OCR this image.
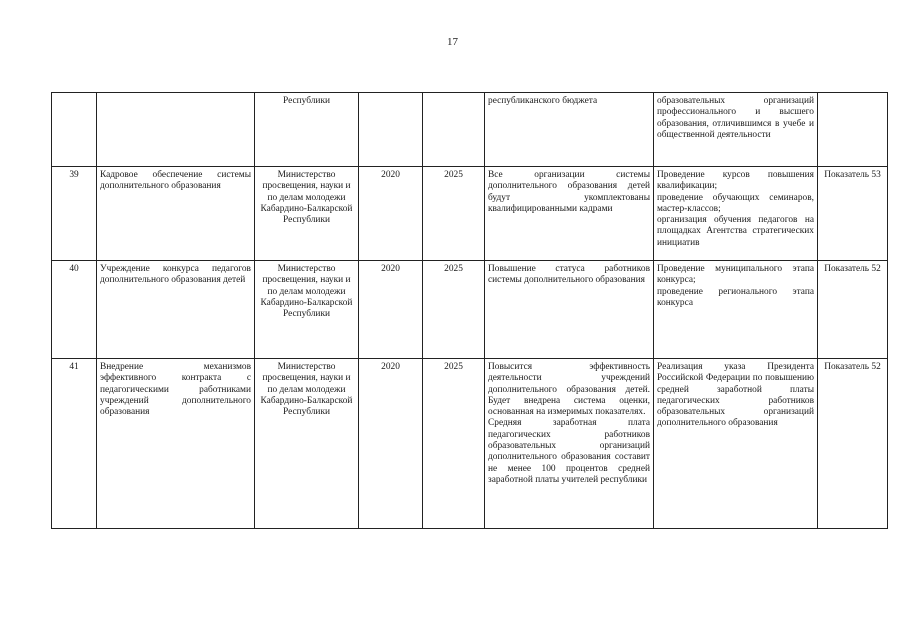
17
		Республики			республиканского бюджета	образовательных организаций профессионального и высшего образования, отличившимся в учебе и общественной деятельности	
39	Кадровое обеспечение системы дополнительного образования	Министерство просвещения, науки и по делам молодежи Кабардино-Балкарской Республики	2020	2025	Все организации системы дополнительного образования детей будут укомплектованы квалифицированными кадрами	Проведение курсов повышения квалификации;
проведение обучающих семинаров, мастер-классов;
организация обучения педагогов на площадках Агентства стратегических инициатив	Показатель 53
40	Учреждение конкурса педагогов дополнительного образования детей	Министерство просвещения, науки и по делам молодежи Кабардино-Балкарской Республики	2020	2025	Повышение статуса работников системы дополнительного образования	Проведение муниципального этапа конкурса;
проведение регионального этапа конкурса	Показатель 52
41	Внедрение механизмов эффективного контракта с педагогическими работниками учреждений дополнительного образования	Министерство просвещения, науки и по делам молодежи Кабардино-Балкарской Республики	2020	2025	Повысится эффективность деятельности учреждений дополнительного образования детей. Будет внедрена система оценки, основанная на измеримых показателях.
Средняя заработная плата педагогических работников образовательных организаций дополнительного образования составит не менее 100 процентов средней заработной платы учителей республики	Реализация указа Президента Российской Федерации по повышению средней заработной платы педагогических работников образовательных организаций дополнительного образования	Показатель 52
